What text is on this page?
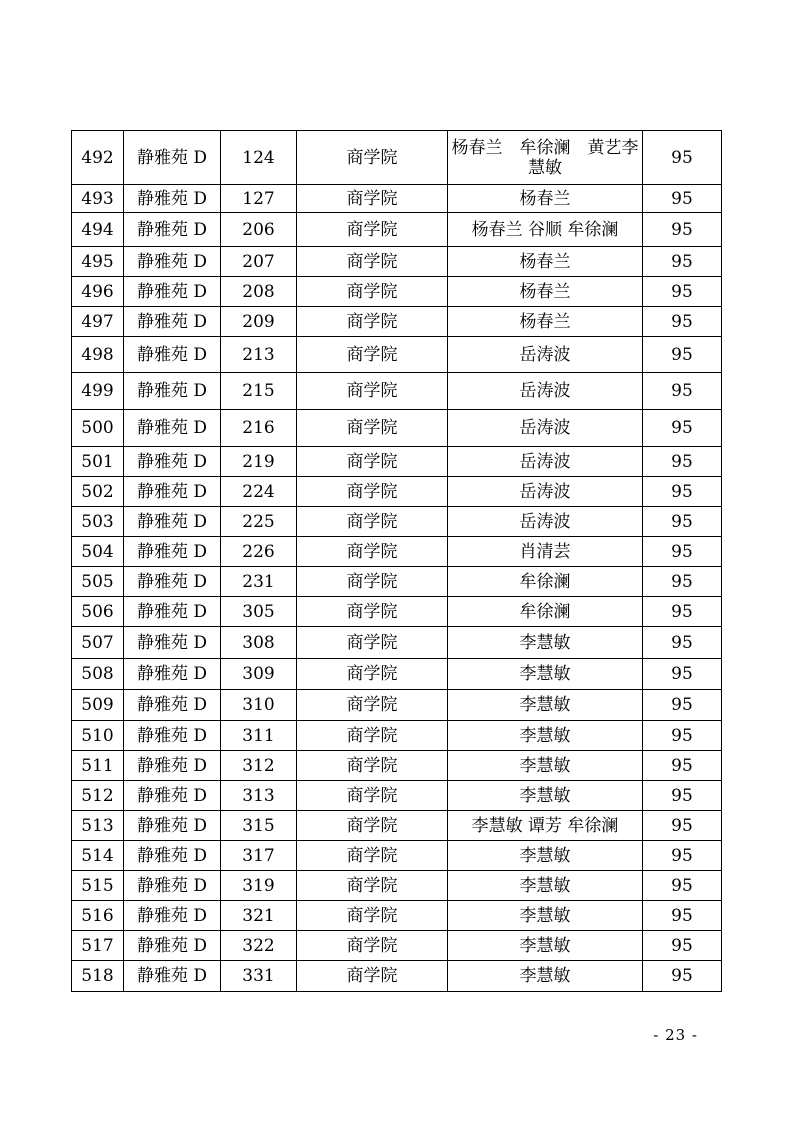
492	静雅苑 D	124	商学院	杨春兰　牟徐澜　黄艺李慧敏	95
493	静雅苑 D	127	商学院	杨春兰	95
494	静雅苑 D	206	商学院	杨春兰 谷顺 牟徐澜	95
495	静雅苑 D	207	商学院	杨春兰	95
496	静雅苑 D	208	商学院	杨春兰	95
497	静雅苑 D	209	商学院	杨春兰	95
498	静雅苑 D	213	商学院	岳涛波	95
499	静雅苑 D	215	商学院	岳涛波	95
500	静雅苑 D	216	商学院	岳涛波	95
501	静雅苑 D	219	商学院	岳涛波	95
502	静雅苑 D	224	商学院	岳涛波	95
503	静雅苑 D	225	商学院	岳涛波	95
504	静雅苑 D	226	商学院	肖清芸	95
505	静雅苑 D	231	商学院	牟徐澜	95
506	静雅苑 D	305	商学院	牟徐澜	95
507	静雅苑 D	308	商学院	李慧敏	95
508	静雅苑 D	309	商学院	李慧敏	95
509	静雅苑 D	310	商学院	李慧敏	95
510	静雅苑 D	311	商学院	李慧敏	95
511	静雅苑 D	312	商学院	李慧敏	95
512	静雅苑 D	313	商学院	李慧敏	95
513	静雅苑 D	315	商学院	李慧敏 谭芳 牟徐澜	95
514	静雅苑 D	317	商学院	李慧敏	95
515	静雅苑 D	319	商学院	李慧敏	95
516	静雅苑 D	321	商学院	李慧敏	95
517	静雅苑 D	322	商学院	李慧敏	95
518	静雅苑 D	331	商学院	李慧敏	95
- 23 -
